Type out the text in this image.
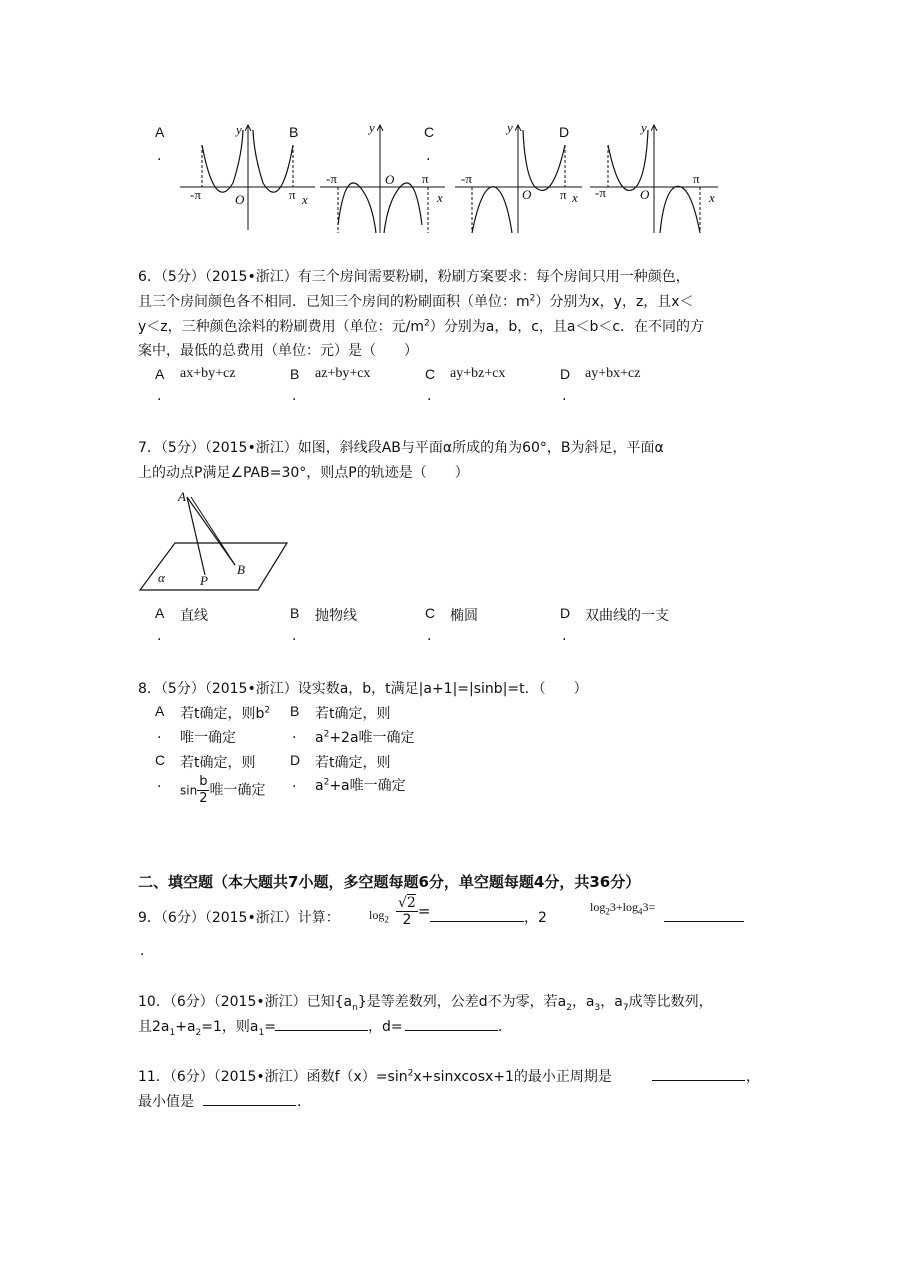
A
.
y	B
-π	O	π x
y
-π	O π
x
C
.
y	D
-π
O π x
y
-π	O
π
x
6．（5分）（2015•浙江）有三个房间需要粉刷，粉刷方案要求：每个房间只用一种颜色，
且三个房间颜色各不相同．已知三个房间的粉刷面积（单位：$m^2$）分别为x，y，z，且x＜
y＜z，三种颜色涂料的粉刷费用（单位：元$/m^2$）分别为a，b，c，且a＜b＜c．在不同的方
案中，最低的总费用（单位：元）是（　　）
A ax+by+cz
.
B az+by+cx
.
C ay+bz+cx
.
D ay+bx+cz
.
7．（5分）（2015•浙江）如图，斜线段AB与平面α所成的角为60°，B为斜足，平面α
上的动点P满足∠PAB=30°，则点P的轨迹是（　　）
A
B
P
α
A 直线
.
B 抛物线
.
C 椭圆
.
D 双曲线的一支
.
8．（5分）（2015•浙江）设实数a，b，t满足|a+1|=|sinb|=t．（　　）
A 若t确定，则$b^2$
. 唯一确定
B 若t确定，则
. $a^2+2a$唯一确定
C 若t确定，则
. $\sin \frac{b}{2}$ 唯一确定
D 若t确定，则
. $a^2+a$唯一确定
二、填空题（本大题共7小题，多空题每题6分，单空题每题4分，共36分）
9．（6分）（2015•浙江）计算： $\log_2 \frac{√2}{2}$ =	，2
$\log_23+\log_43=$
．
10．（6分）（2015•浙江）已知$\{a_n\}$是等差数列，公差d不为零，若$a_2$，$a_3$，$a_7$成等比数列，
且$2a_1+a_2=1$，则$a_1=$	，d=	．
11．（6分）（2015•浙江）函数$f(x)=\sin^2x+sinxcosx+1$的最小正周期是	，
最小值是	．
